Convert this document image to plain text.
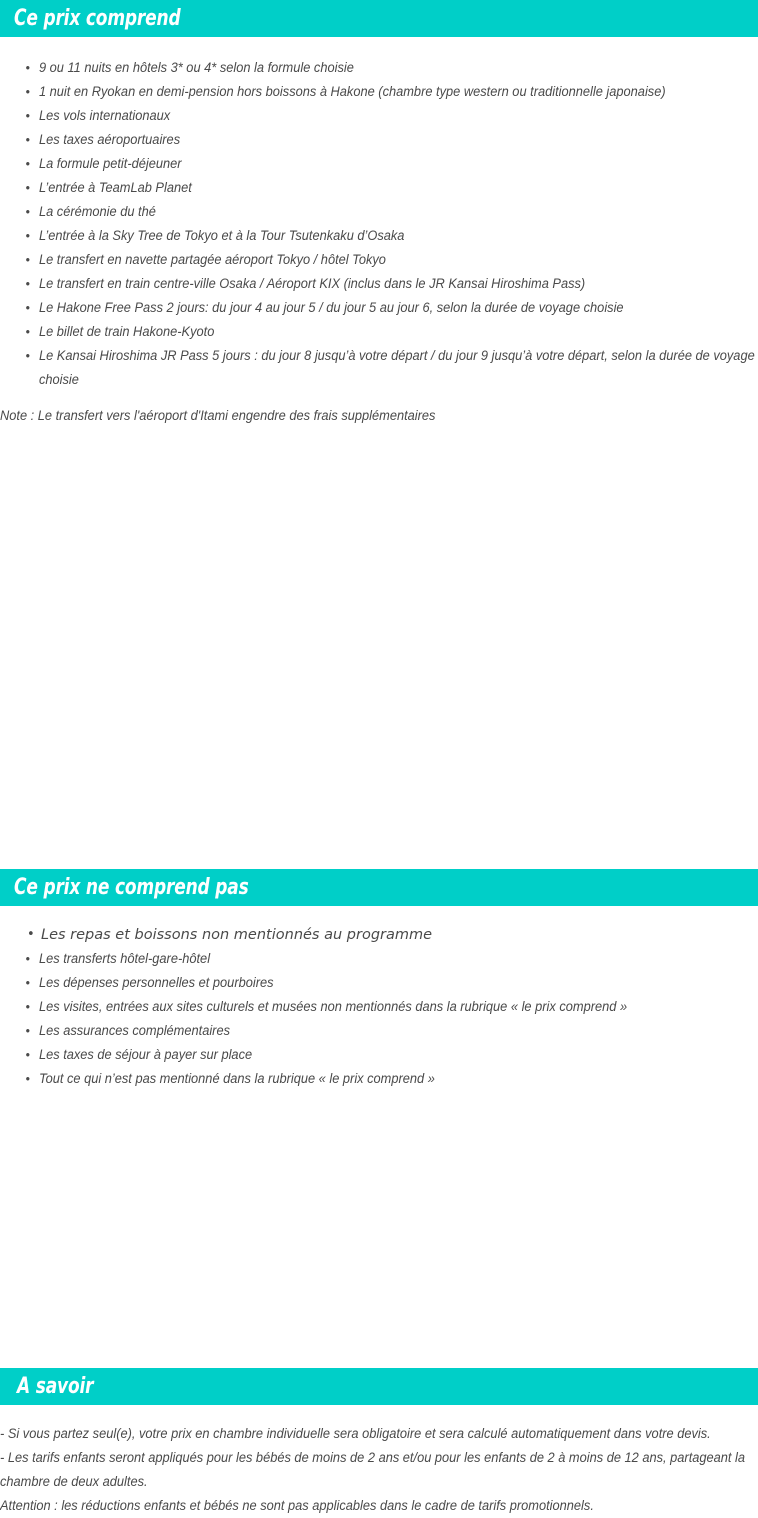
Ce prix comprend
• 9 ou 11 nuits en hôtels 3* ou 4* selon la formule choisie
• 1 nuit en Ryokan en demi-pension hors boissons à Hakone (chambre type western ou traditionnelle japonaise)
• Les vols internationaux
• Les taxes aéroportuaires
• La formule petit-déjeuner
• L’entrée à TeamLab Planet
• La cérémonie du thé
• L’entrée à la Sky Tree de Tokyo et à la Tour Tsutenkaku d’Osaka
• Le transfert en navette partagée aéroport Tokyo / hôtel Tokyo
• Le transfert en train centre-ville Osaka / Aéroport KIX (inclus dans le JR Kansai Hiroshima Pass)
• Le Hakone Free Pass 2 jours: du jour 4 au jour 5 / du jour 5 au jour 6, selon la durée de voyage choisie
• Le billet de train Hakone-Kyoto
• Le Kansai Hiroshima JR Pass 5 jours : du jour 8 jusqu’à votre départ / du jour 9 jusqu’à votre départ, selon la durée de voyage choisie

Note : Le transfert vers l'aéroport d'Itami engendre des frais supplémentaires

Ce prix ne comprend pas
• Les repas et boissons non mentionnés au programme
• Les transferts hôtel-gare-hôtel
• Les dépenses personnelles et pourboires
• Les visites, entrées aux sites culturels et musées non mentionnés dans la rubrique « le prix comprend »
• Les assurances complémentaires
• Les taxes de séjour à payer sur place
• Tout ce qui n’est pas mentionné dans la rubrique « le prix comprend »
A savoir

- Si vous partez seul(e), votre prix en chambre individuelle sera obligatoire et sera calculé automatiquement dans votre devis.

- Les tarifs enfants seront appliqués pour les bébés de moins de 2 ans et/ou pour les enfants de 2 à moins de 12 ans, partageant la chambre de deux adultes.

Attention : les réductions enfants et bébés ne sont pas applicables dans le cadre de tarifs promotionnels.
